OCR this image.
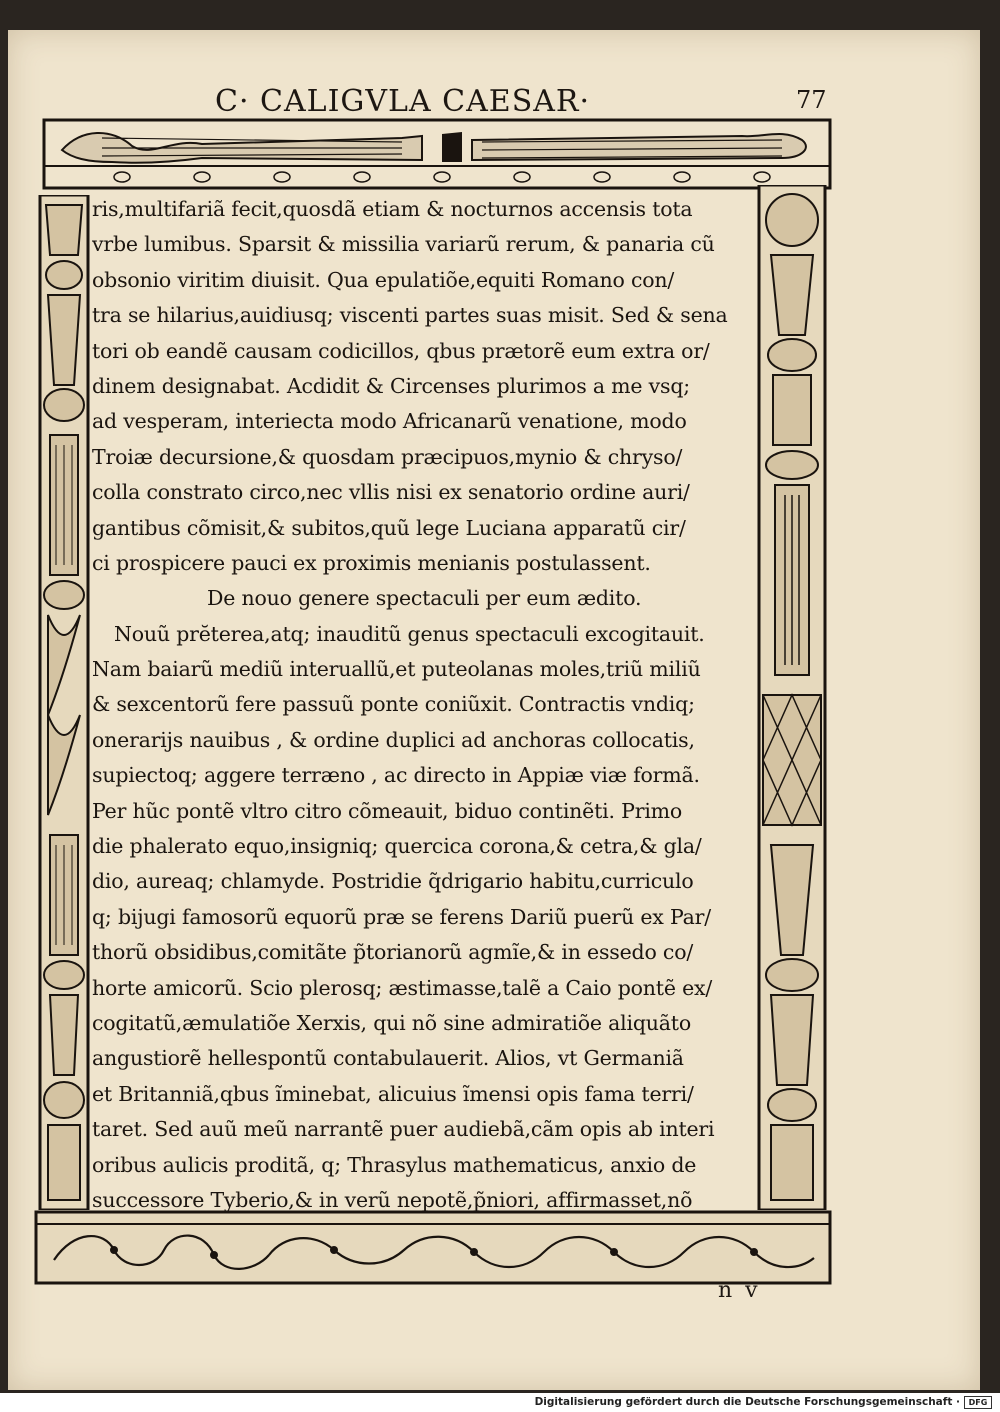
C· CALIGVLA CAESAR·	77
ris,multifariã fecit,quosdã etiam & nocturnos accensis tota
vrbe lumibus. Sparsit & missilia variarũ rerum, & panaria cũ
obsonio viritim diuisit. Qua epulatiõe,equiti Romano con/
tra se hilarius,auidiusq; viscenti partes suas misit. Sed & sena
tori ob eandẽ causam codicillos, qbus prætorẽ eum extra or/
dinem designabat. Acdidit & Circenses plurimos a me vsq;
ad vesperam, interiecta modo Africanarũ venatione, modo
Troiæ decursione,& quosdam præcipuos,mynio & chryso/
colla constrato circo,nec vllis nisi ex senatorio ordine auri/
gantibus cõmisit,& subitos,quũ lege Luciana apparatũ cir/
ci prospicere pauci ex proximis menianis postulassent.
De nouo genere spectaculi per eum ædito.
Nouũ prĕterea,atq; inauditũ genus spectaculi excogitauit.
Nam baiarũ mediũ interuallũ,et puteolanas moles,triũ miliũ
& sexcentorũ fere passuũ ponte coniũxit. Contractis vndiq;
onerarijs nauibus , & ordine duplici ad anchoras collocatis,
supiectoq; aggere terræno , ac directo in Appiæ viæ formã.
Per hũc pontẽ vltro citro cõmeauit, biduo continẽti. Primo
die phalerato equo,insigniq; quercica corona,& cetra,& gla/
dio, aureaq; chlamyde. Postridie q̃drigario habitu,curriculo
q; bijugi famosorũ equorũ præ se ferens Dariũ puerũ ex Par/
thorũ obsidibus,comitãte p̃torianorũ agmĩe,& in essedo co/
horte amicorũ. Scio plerosq; æstimasse,talẽ a Caio pontẽ ex/
cogitatũ,æmulatiõe Xerxis, qui nõ sine admiratiõe aliquãto
angustiorẽ hellespontũ contabulauerit. Alios, vt Germaniã
et Britanniã,qbus ĩminebat, alicuius ĩmensi opis fama terri/
taret. Sed auũ meũ narrantẽ puer audiebã,cãm opis ab interi
oribus aulicis proditã, q; Thrasylus mathematicus, anxio de
successore Tyberio,& in verũ nepotẽ,p̃niori, affirmasset,nõ
n v
Digitalisierung gefördert durch die Deutsche Forschungsgemeinschaft ·	DFG
